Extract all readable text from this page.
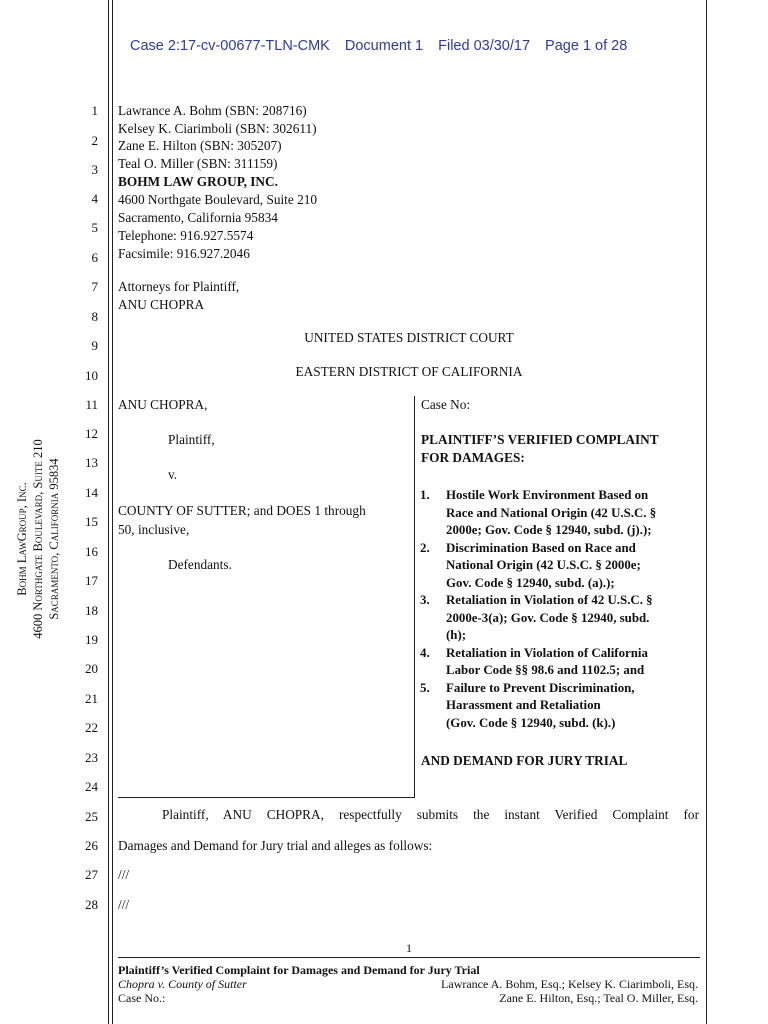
Case 2:17-cv-00677-TLN-CMK Document 1 Filed 03/30/17 Page 1 of 28
Bohm LawGroup, Inc. 4600 Northgate Boulevard, Suite 210 Sacramento, California 95834
1
2
3
4
5
6
7
8
9
10
11
12
13
14
15
16
17
18
19
20
21
22
23
24
25
26
27
28
Lawrance A. Bohm (SBN: 208716)
Kelsey K. Ciarimboli (SBN: 302611)
Zane E. Hilton (SBN: 305207)
Teal O. Miller (SBN: 311159)
BOHM LAW GROUP, INC.
4600 Northgate Boulevard, Suite 210
Sacramento, California 95834
Telephone: 916.927.5574
Facsimile: 916.927.2046
Attorneys for Plaintiff,
ANU CHOPRA
UNITED STATES DISTRICT COURT
EASTERN DISTRICT OF CALIFORNIA
ANU CHOPRA,
Plaintiff,
v.
COUNTY OF SUTTER; and DOES 1 through
50, inclusive,
Defendants.
Case No:
PLAINTIFF’S VERIFIED COMPLAINT
FOR DAMAGES:
1. Hostile Work Environment Based on
Race and National Origin (42 U.S.C. §
2000e; Gov. Code § 12940, subd. (j).);
2. Discrimination Based on Race and
National Origin (42 U.S.C. § 2000e;
Gov. Code § 12940, subd. (a).);
3. Retaliation in Violation of 42 U.S.C. §
2000e-3(a); Gov. Code § 12940, subd.
(h);
4. Retaliation in Violation of California
Labor Code §§ 98.6 and 1102.5; and
5. Failure to Prevent Discrimination,
Harassment and Retaliation
(Gov. Code § 12940, subd. (k).)
AND DEMAND FOR JURY TRIAL
Plaintiff, ANU CHOPRA, respectfully submits the instant Verified Complaint for
Damages and Demand for Jury trial and alleges as follows:
///
///
1
Plaintiff’s Verified Complaint for Damages and Demand for Jury Trial
Chopra v. County of Sutter
Case No.:
Lawrance A. Bohm, Esq.; Kelsey K. Ciarimboli, Esq.
Zane E. Hilton, Esq.; Teal O. Miller, Esq.
